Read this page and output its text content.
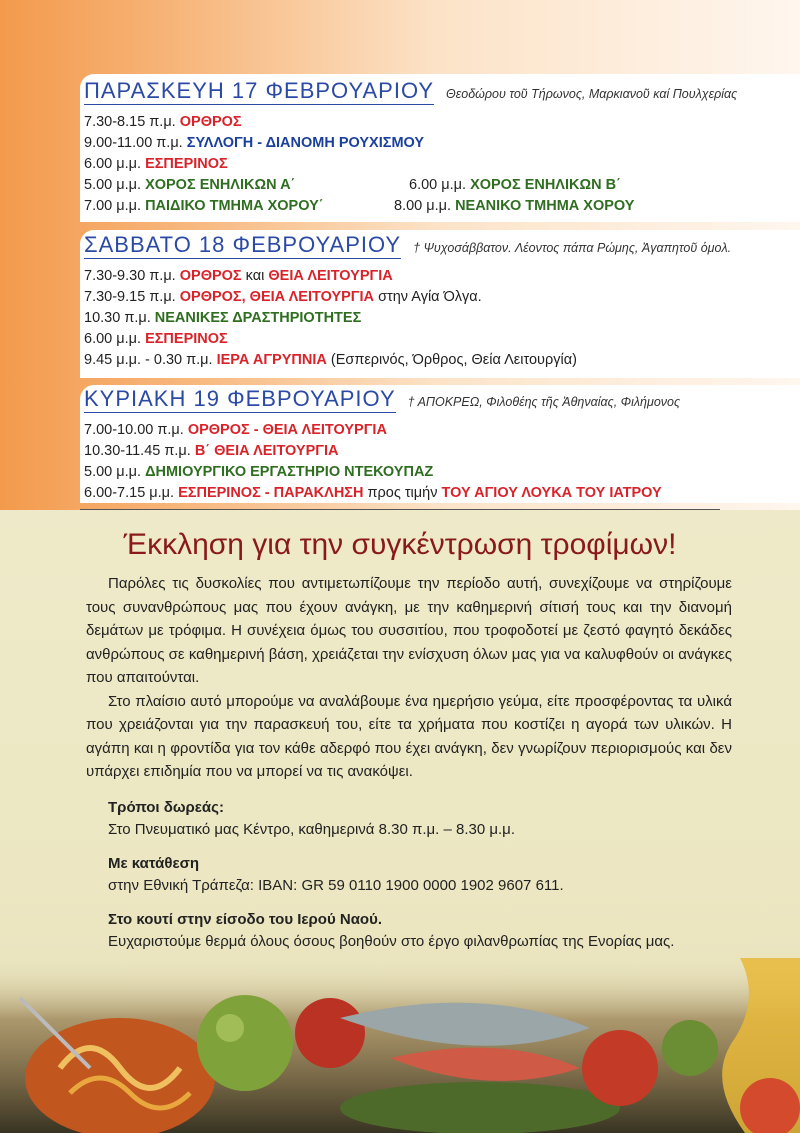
ΠΑΡΑΣΚΕΥΗ 17 ΦΕΒΡΟΥΑΡΙΟΥ Θεοδώρου τοῦ Τήρωνος, Μαρκιανοῦ καί Πουλχερίας
7.30-8.15 π.μ. ΟΡΘΡΟΣ
9.00-11.00 π.μ. ΣΥΛΛΟΓΗ - ΔΙΑΝΟΜΗ ΡΟΥΧΙΣΜΟΥ
6.00 μ.μ. ΕΣΠΕΡΙΝΟΣ
5.00 μ.μ. ΧΟΡΟΣ ΕΝΗΛΙΚΩΝ Α΄	6.00 μ.μ. ΧΟΡΟΣ ΕΝΗΛΙΚΩΝ Β΄
7.00 μ.μ. ΠΑΙΔΙΚΟ ΤΜΗΜΑ ΧΟΡΟΥ΄	8.00 μ.μ. ΝΕΑΝΙΚΟ ΤΜΗΜΑ ΧΟΡΟΥ
ΣΑΒΒΑΤΟ 18 ΦΕΒΡΟΥΑΡΙΟΥ † Ψυχοσάββατον. Λέοντος πάπα Ρώμης, Ἀγαπητοῦ ὁμολ.
7.30-9.30 π.μ. ΟΡΘΡΟΣ και ΘΕΙΑ ΛΕΙΤΟΥΡΓΙΑ
7.30-9.15 π.μ. ΟΡΘΡΟΣ, ΘΕΙΑ ΛΕΙΤΟΥΡΓΙΑ στην Αγία Όλγα.
10.30 π.μ. ΝΕΑΝΙΚΕΣ ΔΡΑΣΤΗΡΙΟΤΗΤΕΣ
6.00 μ.μ. ΕΣΠΕΡΙΝΟΣ
9.45 μ.μ. - 0.30 π.μ. ΙΕΡΑ ΑΓΡΥΠΝΙΑ (Εσπερινός, Όρθρος, Θεία Λειτουργία)
ΚΥΡΙΑΚΗ 19 ΦΕΒΡΟΥΑΡΙΟΥ † ΑΠΟΚΡΕΩ, Φιλοθέης τῆς Ἀθηναίας, Φιλήμονος
7.00-10.00 π.μ. ΟΡΘΡΟΣ - ΘΕΙΑ ΛΕΙΤΟΥΡΓΙΑ
10.30-11.45 π.μ. Β΄ ΘΕΙΑ ΛΕΙΤΟΥΡΓΙΑ
5.00 μ.μ. ΔΗΜΙΟΥΡΓΙΚΟ ΕΡΓΑΣΤΗΡΙΟ ΝΤΕΚΟΥΠΑΖ
6.00-7.15 μ.μ. ΕΣΠΕΡΙΝΟΣ - ΠΑΡΑΚΛΗΣΗ προς τιμήν ΤΟΥ ΑΓΙΟΥ ΛΟΥΚΑ ΤΟΥ ΙΑΤΡΟΥ
Έκκληση για την συγκέντρωση τροφίμων!

Παρόλες τις δυσκολίες που αντιμετωπίζουμε την περίοδο αυτή, συνεχίζουμε να στηρίζουμε τους συνανθρώπους μας που έχουν ανάγκη, με την καθημερινή σίτισή τους και την διανομή δεμάτων με τρόφιμα. Η συνέχεια όμως του συσσιτίου, που τροφοδοτεί με ζεστό φαγητό δεκάδες ανθρώπους σε καθημερινή βάση, χρειάζεται την ενίσχυση όλων μας για να καλυφθούν οι ανάγκες που απαιτούνται.

Στο πλαίσιο αυτό μπορούμε να αναλάβουμε ένα ημερήσιο γεύμα, είτε προσφέροντας τα υλικά που χρειάζονται για την παρασκευή του, είτε τα χρήματα που κοστίζει η αγορά των υλικών. Η αγάπη και η φροντίδα για τον κάθε αδερφό που έχει ανάγκη, δεν γνωρίζουν περιορισμούς και δεν υπάρχει επιδημία που να μπορεί να τις ανακόψει.

Τρόποι δωρεάς:
Στο Πνευματικό μας Κέντρο, καθημερινά 8.30 π.μ. – 8.30 μ.μ.
Με κατάθεση
στην Εθνική Τράπεζα: IBAN: GR 59 0110 1900 0000 1902 9607 611.
Στο κουτί στην είσοδο του Ιερού Ναού.
Ευχαριστούμε θερμά όλους όσους βοηθούν στο έργο φιλανθρωπίας της Ενορίας μας.
